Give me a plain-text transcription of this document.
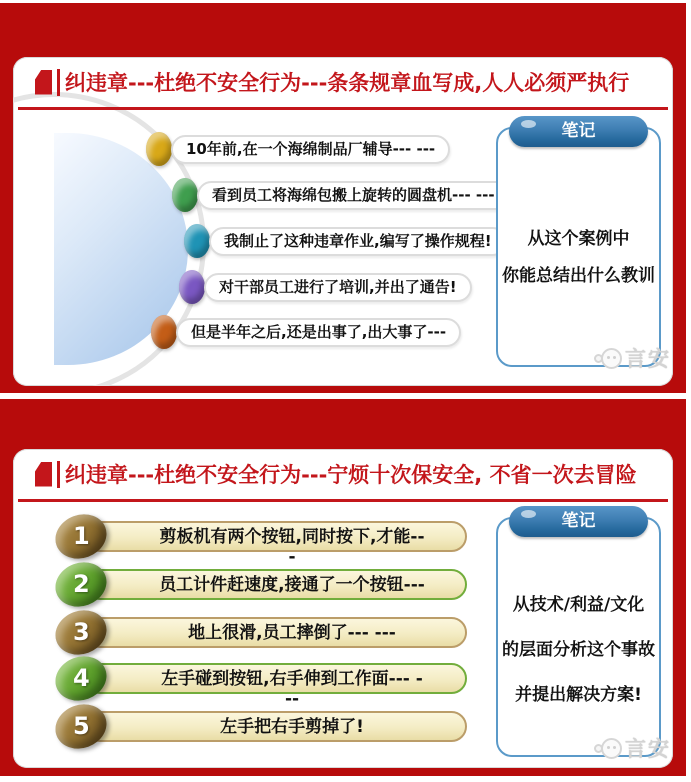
纠违章---杜绝不安全行为---条条规章血写成,人人必须严执行
10年前,在一个海绵制品厂辅导--- ---
看到员工将海绵包搬上旋转的圆盘机--- ---
我制止了这种违章作业,编写了操作规程!
对干部员工进行了培训,并出了通告!
但是半年之后,还是出事了,出大事了---
笔记
从这个案例中
你能总结出什么教训
言安
纠违章---杜绝不安全行为---宁烦十次保安全, 不省一次去冒险
剪板机有两个按钮,同时按下,才能--
-
1
员工计件赶速度,接通了一个按钮---
2
地上很滑,员工摔倒了--- ---
3
左手碰到按钮,右手伸到工作面--- -
--
4
左手把右手剪掉了!
5
笔记
从技术/利益/文化
的层面分析这个事故
并提出解决方案!
言安
